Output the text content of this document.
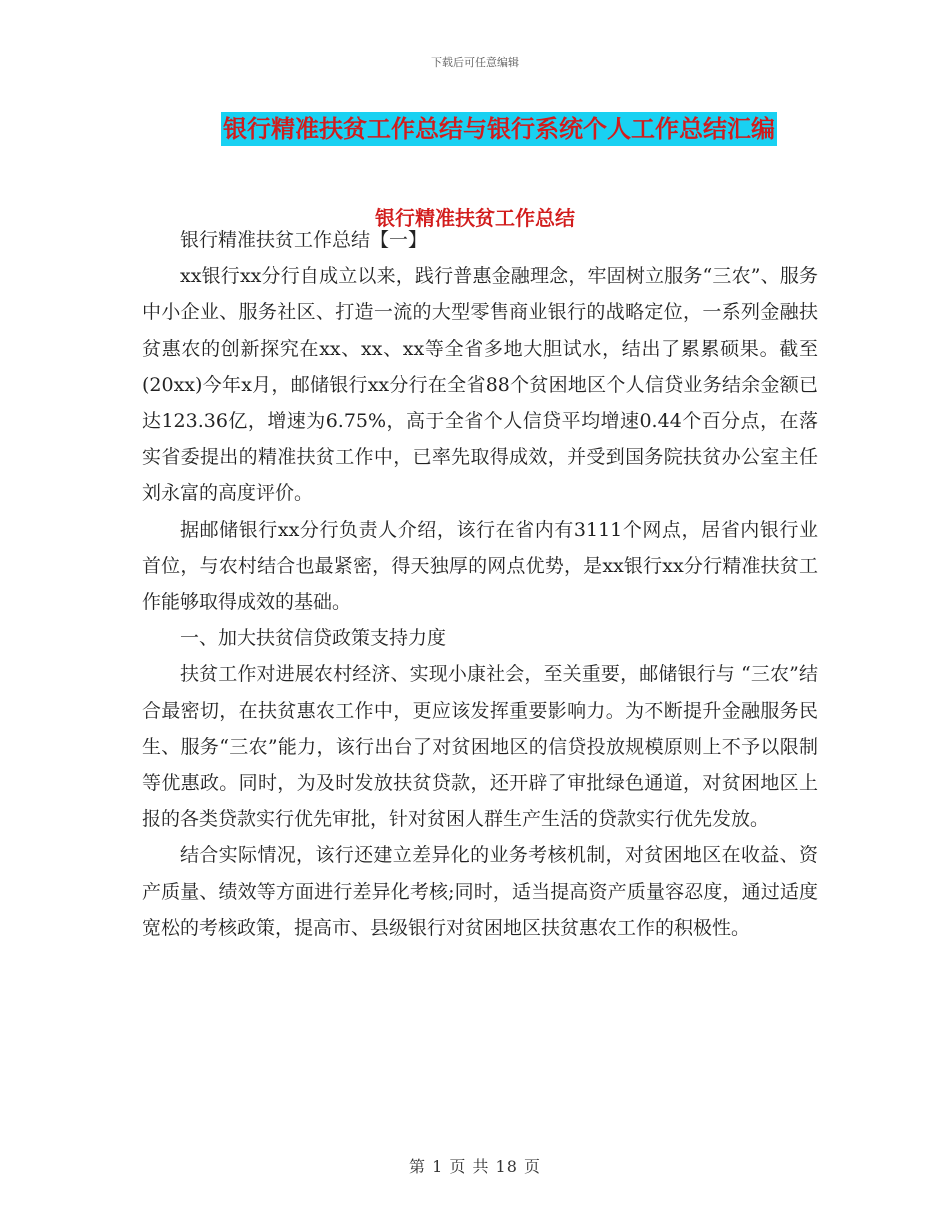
下载后可任意编辑
银行精准扶贫工作总结与银行系统个人工作总结汇编
银行精准扶贫工作总结

银行精准扶贫工作总结【一】

xx银行xx分行自成立以来，践行普惠金融理念，牢固树立服务“三农”、服务中小企业、服务社区、打造一流的大型零售商业银行的战略定位，一系列金融扶贫惠农的创新探究在xx、xx、xx等全省多地大胆试水，结出了累累硕果。截至(20xx)今年x月，邮储银行xx分行在全省88个贫困地区个人信贷业务结余金额已达123.36亿，增速为6.75%，高于全省个人信贷平均增速0.44个百分点，在落实省委提出的精准扶贫工作中，已率先取得成效，并受到国务院扶贫办公室主任刘永富的高度评价。

据邮储银行xx分行负责人介绍，该行在省内有3111个网点，居省内银行业首位，与农村结合也最紧密，得天独厚的网点优势，是xx银行xx分行精准扶贫工作能够取得成效的基础。

一、加大扶贫信贷政策支持力度

扶贫工作对进展农村经济、实现小康社会，至关重要，邮储银行与 “三农”结合最密切，在扶贫惠农工作中，更应该发挥重要影响力。为不断提升金融服务民生、服务“三农”能力，该行出台了对贫困地区的信贷投放规模原则上不予以限制等优惠政。同时，为及时发放扶贫贷款，还开辟了审批绿色通道，对贫困地区上报的各类贷款实行优先审批，针对贫困人群生产生活的贷款实行优先发放。

结合实际情况，该行还建立差异化的业务考核机制，对贫困地区在收益、资产质量、绩效等方面进行差异化考核;同时，适当提高资产质量容忍度，通过适度宽松的考核政策，提高市、县级银行对贫困地区扶贫惠农工作的积极性。

第 1 页 共 18 页
